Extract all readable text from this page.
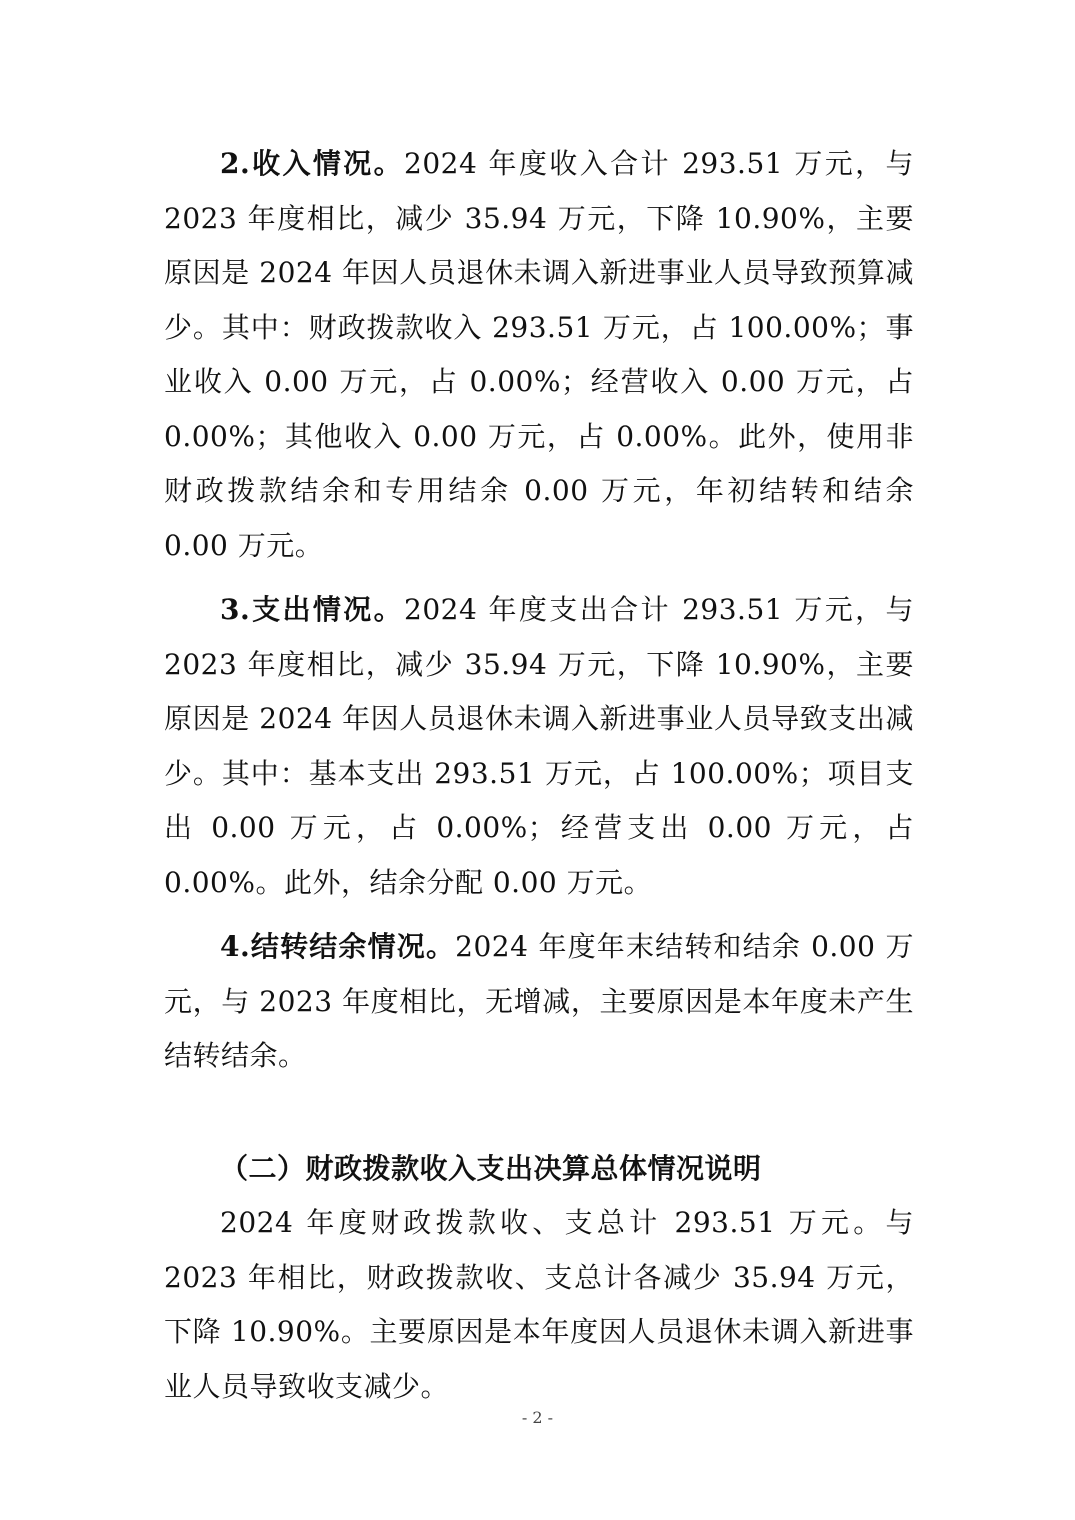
2.收入情况。2024 年度收入合计 293.51 万元，与 2023 年度相比，减少 35.94 万元，下降 10.90%，主要原因是 2024 年因人员退休未调入新进事业人员导致预算减少。其中：财政拨款收入 293.51 万元，占 100.00%；事业收入 0.00 万元，占 0.00%；经营收入 0.00 万元，占 0.00%；其他收入 0.00 万元，占 0.00%。此外，使用非财政拨款结余和专用结余 0.00 万元，年初结转和结余 0.00 万元。

3.支出情况。2024 年度支出合计 293.51 万元，与 2023 年度相比，减少 35.94 万元，下降 10.90%，主要原因是 2024 年因人员退休未调入新进事业人员导致支出减少。其中：基本支出 293.51 万元，占 100.00%；项目支出 0.00 万元，占 0.00%；经营支出 0.00 万元，占 0.00%。此外，结余分配 0.00 万元。

4.结转结余情况。2024 年度年末结转和结余 0.00 万元，与 2023 年度相比，无增减，主要原因是本年度未产生结转结余。

（二）财政拨款收入支出决算总体情况说明

2024 年度财政拨款收、支总计 293.51 万元。与 2023 年相比，财政拨款收、支总计各减少 35.94 万元，下降 10.90%。主要原因是本年度因人员退休未调入新进事业人员导致收支减少。

- 2 -
